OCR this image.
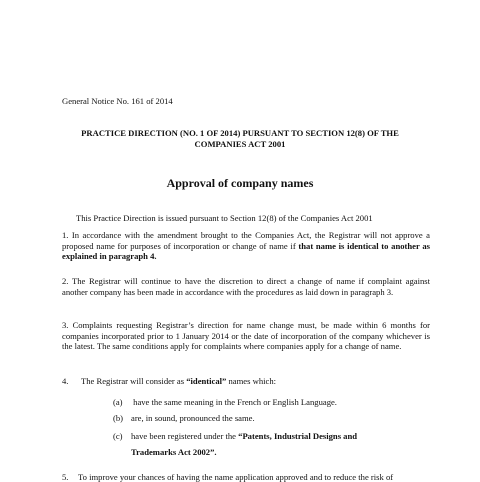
General Notice No. 161 of 2014
PRACTICE DIRECTION (NO. 1 OF 2014) PURSUANT TO SECTION 12(8) OF THE
COMPANIES ACT 2001
Approval of company names
This Practice Direction is issued pursuant to Section 12(8) of the Companies Act 2001
1. In accordance with the amendment brought to the Companies Act, the Registrar will not approve a proposed name for purposes of incorporation or change of name if that name is identical to another as explained in paragraph 4.
2. The Registrar will continue to have the discretion to direct a change of name if complaint against another company has been made in accordance with the procedures as laid down in paragraph 3.
3. Complaints requesting Registrar’s direction for name change must, be made within 6 months for companies incorporated prior to 1 January 2014 or the date of incorporation of the company whichever is the latest. The same conditions apply for complaints where companies apply for a change of name.
4. The Registrar will consider as “identical” names which:
(a) have the same meaning in the French or English Language.
(b) are, in sound, pronounced the same.
(c) have been registered under the “Patents, Industrial Designs and
Trademarks Act 2002”.
5. To improve your chances of having the name application approved and to reduce the risk of
